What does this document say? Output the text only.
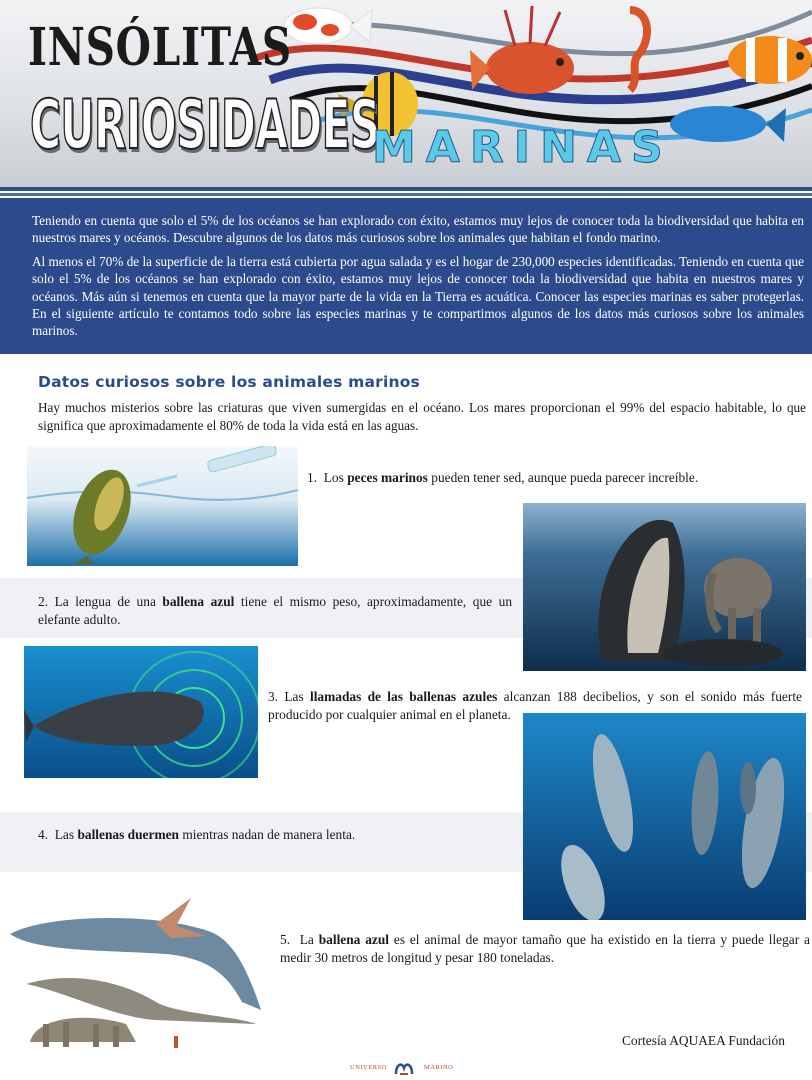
INSÓLITAS
CURIOSIDADES
MARINAS

Teniendo en cuenta que solo el 5% de los océanos se han explorado con éxito, estamos muy lejos de conocer toda la biodiversidad que habita en nuestros mares y océanos. Descubre algunos de los datos más curiosos sobre los animales que habitan el fondo marino.

Al menos el 70% de la superficie de la tierra está cubierta por agua salada y es el hogar de 230,000 especies identificadas. Teniendo en cuenta que solo el 5% de los océanos se han explorado con éxito, estamos muy lejos de conocer toda la biodiversidad que habita en nuestros mares y océanos. Más aún si tenemos en cuenta que la mayor parte de la vida en la Tierra es acuática. Conocer las especies marinas es saber protegerlas. En el siguiente artículo te contamos todo sobre las especies marinas y te compartimos algunos de los datos más curiosos sobre los animales marinos.

Datos curiosos sobre los animales marinos
Hay muchos misterios sobre las criaturas que viven sumergidas en el océano. Los mares proporcionan el 99% del espacio habitable, lo que significa que aproximadamente el 80% de toda la vida está en las aguas.
1. Los peces marinos pueden tener sed, aunque pueda parecer increíble.
2. La lengua de una ballena azul tiene el mismo peso, aproximadamente, que un elefante adulto.
3. Las llamadas de las ballenas azules alcanzan 188 decibelios, y son el sonido más fuerte producido por cualquier animal en el planeta.
4. Las ballenas duermen mientras nadan de manera lenta.
5. La ballena azul es el animal de mayor tamaño que ha existido en la tierra y puede llegar a medir 30 metros de longitud y pesar 180 toneladas.
Cortesía AQUAEA Fundación
UNIVERSO	MARINO
